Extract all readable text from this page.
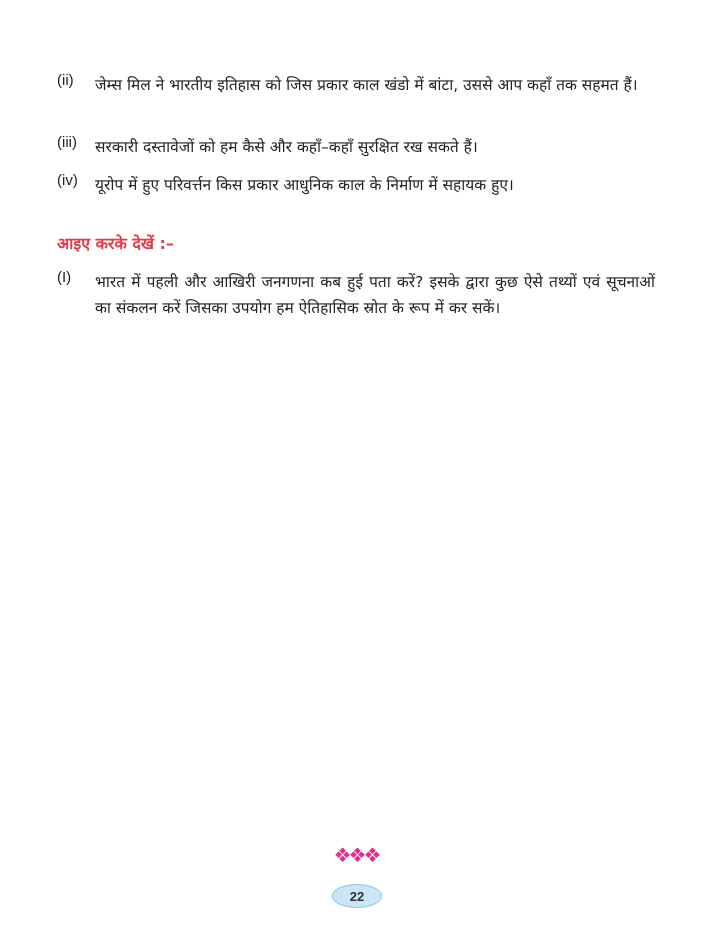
(ii) जेम्स मिल ने भारतीय इतिहास को जिस प्रकार काल खंडो में बांटा, उससे आप कहाँ तक सहमत हैं।
(iii) सरकारी दस्तावेजों को हम कैसे और कहाँ–कहाँ सुरक्षित रख सकते हैं।
(iv) यूरोप में हुए परिवर्त्तन किस प्रकार आधुनिक काल के निर्माण में सहायक हुए।
आइए करके देखें :–
(I) भारत में पहली और आखिरी जनगणना कब हुई पता करें? इसके द्वारा कुछ ऐसे तथ्यों एवं सूचनाओं का संकलन करें जिसका उपयोग हम ऐतिहासिक स्रोत के रूप में कर सकें।
❖❖❖
22
